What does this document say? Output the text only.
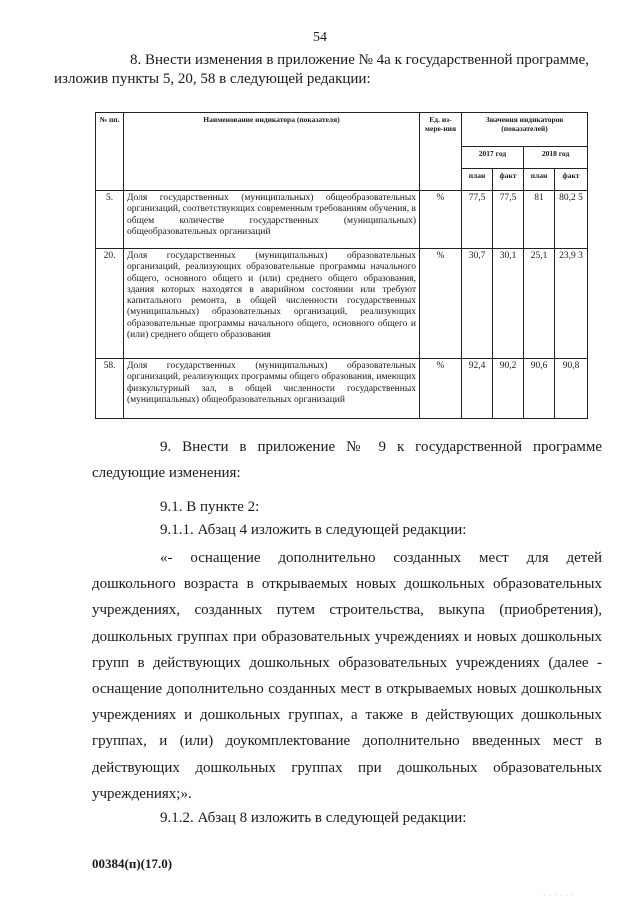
54
8. Внести изменения в приложение № 4а к государственной программе,
изложив пункты 5, 20, 58 в следующей редакции:
№ пп.	Наименование индикатора (показателя)	Ед. из-мере-ния	Значения индикаторов (показателей)			
			2017 год		2018 год	
			план	факт	план	факт
5.	Доля государственных (муниципальных) общеобразовательных организаций, соответствующих современным требованиям обучения, в общем количестве государственных (муниципальных) общеобразовательных организаций	%	77,5	77,5	81	80,2 5
20.	Доля государственных (муниципальных) образовательных организаций, реализующих образовательные программы начального общего, основного общего и (или) среднего общего образования, здания которых находятся в аварийном состоянии или требуют капитального ремонта, в общей численности государственных (муниципальных) образовательных организаций, реализующих образовательные программы начального общего, основного общего и (или) среднего общего образования	%	30,7	30,1	25,1	23,9 3
58.	Доля государственных (муниципальных) образовательных организаций, реализующих программы общего образования, имеющих физкультурный зал, в общей численности государственных (муниципальных) общеобразовательных организаций	%	92,4	90,2	90,6	90,8
9. Внести в приложение № 9 к государственной программе следующие изменения:
9.1. В пункте 2:
9.1.1. Абзац 4 изложить в следующей редакции:
«- оснащение дополнительно созданных мест для детей дошкольного возраста в открываемых новых дошкольных образовательных учреждениях, созданных путем строительства, выкупа (приобретения), дошкольных группах при образовательных учреждениях и новых дошкольных групп в действующих дошкольных образовательных учреждениях (далее - оснащение дополнительно созданных мест в открываемых новых дошкольных учреждениях и дошкольных группах, а также в действующих дошкольных группах, и (или) доукомплектование дополнительно введенных мест в действующих дошкольных группах при дошкольных образовательных учреждениях;».
9.1.2. Абзац 8 изложить в следующей редакции:
00384(п)(17.0)
· · · · · · ·
